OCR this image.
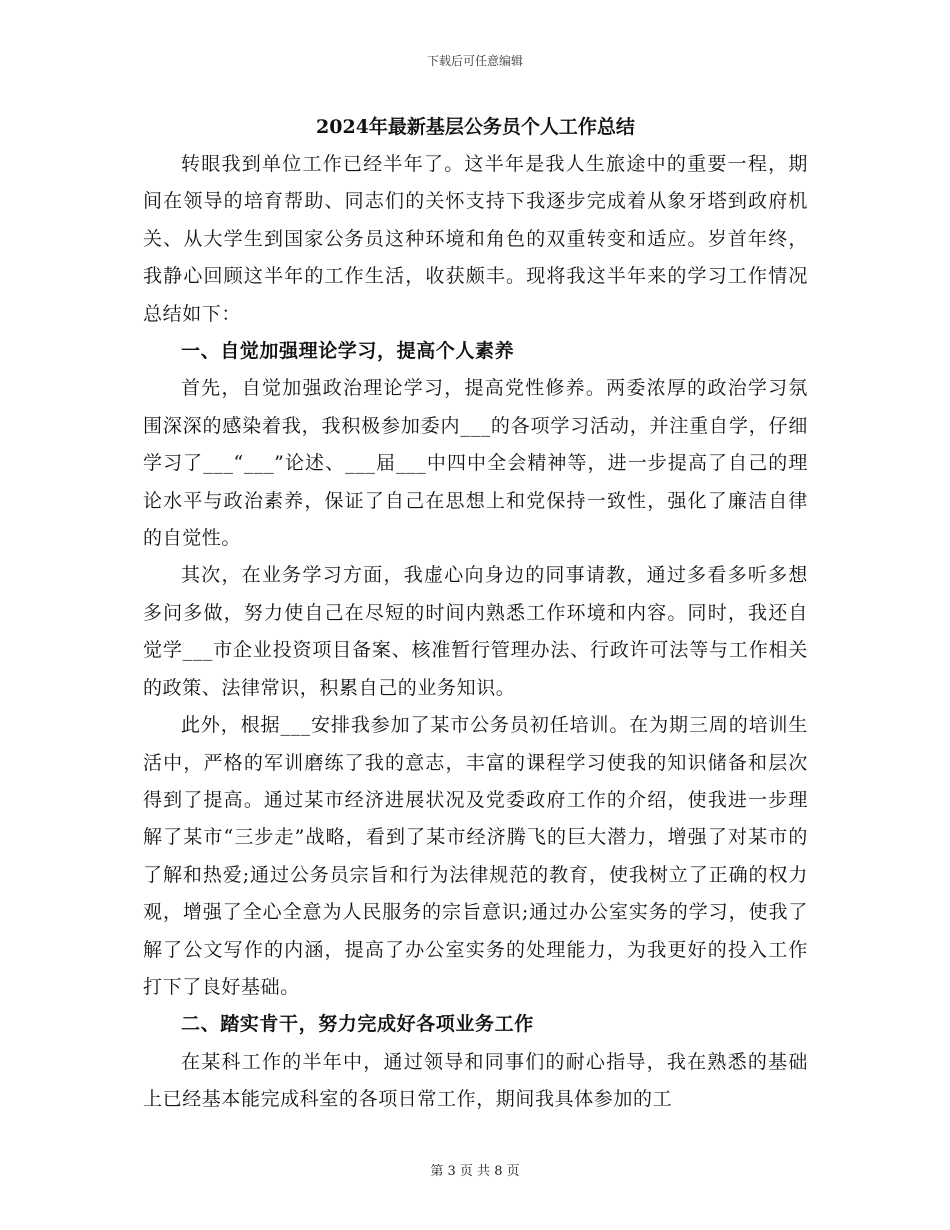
下载后可任意编辑

2024年最新基层公务员个人工作总结

转眼我到单位工作已经半年了。这半年是我人生旅途中的重要一程，期间在领导的培育帮助、同志们的关怀支持下我逐步完成着从象牙塔到政府机关、从大学生到国家公务员这种环境和角色的双重转变和适应。岁首年终，我静心回顾这半年的工作生活，收获颇丰。现将我这半年来的学习工作情况总结如下：

一、自觉加强理论学习，提高个人素养

首先，自觉加强政治理论学习，提高党性修养。两委浓厚的政治学习氛围深深的感染着我，我积极参加委内___的各项学习活动，并注重自学，仔细学习了___“___”论述、___届___中四中全会精神等，进一步提高了自己的理论水平与政治素养，保证了自己在思想上和党保持一致性，强化了廉洁自律的自觉性。

其次，在业务学习方面，我虚心向身边的同事请教，通过多看多听多想多问多做，努力使自己在尽短的时间内熟悉工作环境和内容。同时，我还自觉学___市企业投资项目备案、核准暂行管理办法、行政许可法等与工作相关的政策、法律常识，积累自己的业务知识。

此外，根据___安排我参加了某市公务员初任培训。在为期三周的培训生活中，严格的军训磨练了我的意志，丰富的课程学习使我的知识储备和层次得到了提高。通过某市经济进展状况及党委政府工作的介绍，使我进一步理解了某市“三步走”战略，看到了某市经济腾飞的巨大潜力，增强了对某市的了解和热爱;通过公务员宗旨和行为法律规范的教育，使我树立了正确的权力观，增强了全心全意为人民服务的宗旨意识;通过办公室实务的学习，使我了解了公文写作的内涵，提高了办公室实务的处理能力，为我更好的投入工作打下了良好基础。

二、踏实肯干，努力完成好各项业务工作

在某科工作的半年中，通过领导和同事们的耐心指导，我在熟悉的基础上已经基本能完成科室的各项日常工作，期间我具体参加的工

第 3 页 共 8 页
